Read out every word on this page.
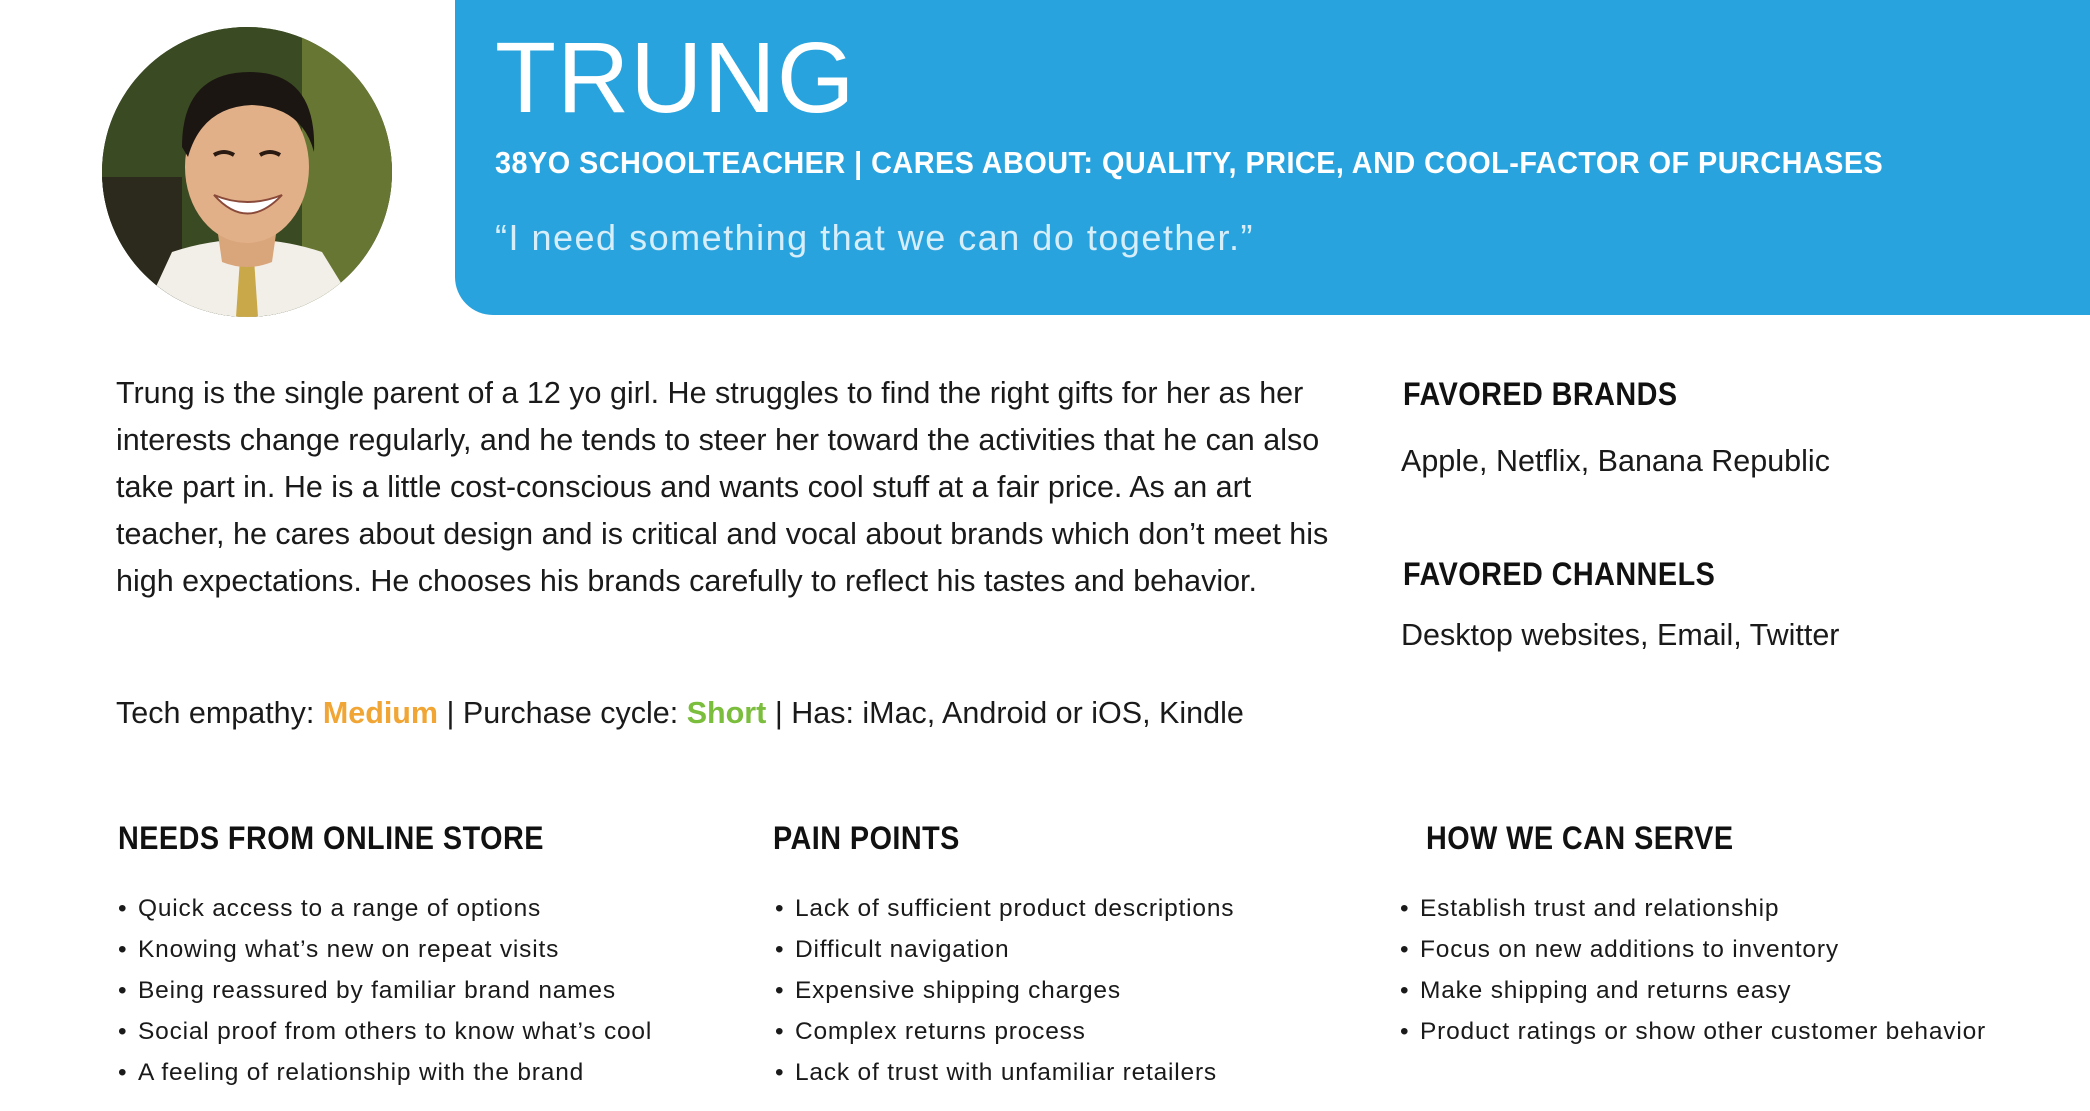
TRUNG
38YO SCHOOLTEACHER | CARES ABOUT: QUALITY, PRICE, AND COOL-FACTOR OF PURCHASES
“I need something that we can do together.”
Trung is the single parent of a 12 yo girl. He struggles to find the right gifts for her as her interests change regularly, and he tends to steer her toward the activities that he can also take part in. He is a little cost-conscious and wants cool stuff at a fair price. As an art teacher, he cares about design and is critical and vocal about brands which don’t meet his high expectations. He chooses his brands carefully to reflect his tastes and behavior.
Tech empathy: Medium | Purchase cycle: Short | Has: iMac, Android or iOS, Kindle
FAVORED BRANDS
Apple, Netflix, Banana Republic
FAVORED CHANNELS
Desktop websites, Email, Twitter
NEEDS FROM ONLINE STORE
• Quick access to a range of options
• Knowing what’s new on repeat visits
• Being reassured by familiar brand names
• Social proof from others to know what’s cool
• A feeling of relationship with the brand
PAIN POINTS
• Lack of sufficient product descriptions
• Difficult navigation
• Expensive shipping charges
• Complex returns process
• Lack of trust with unfamiliar retailers
HOW WE CAN SERVE
• Establish trust and relationship
• Focus on new additions to inventory
• Make shipping and returns easy
• Product ratings or show other customer behavior
